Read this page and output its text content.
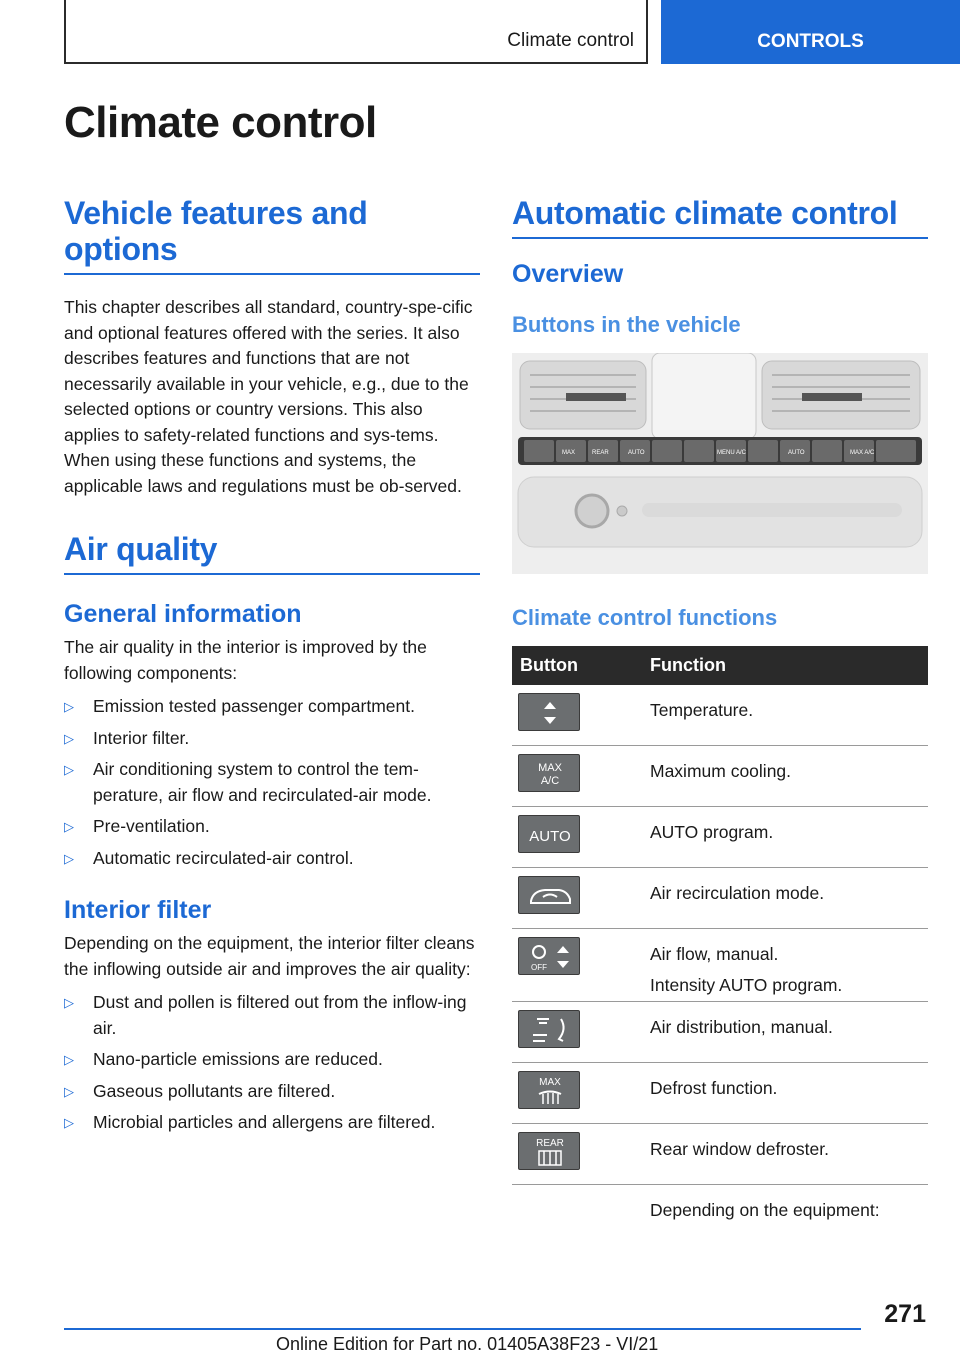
Climate control	CONTROLS
Climate control
Vehicle features and options

This chapter describes all standard, country-spe-cific and optional features offered with the series. It also describes features and functions that are not necessarily available in your vehicle, e.g., due to the selected options or country versions. This also applies to safety-related functions and sys-tems. When using these functions and systems, the applicable laws and regulations must be ob-served.

Air quality
General information

The air quality in the interior is improved by the following components:

▷ Emission tested passenger compartment.
▷ Interior filter.
▷ Air conditioning system to control the tem-perature, air flow and recirculated-air mode.
▷ Pre-ventilation.
▷ Automatic recirculated-air control.
Interior filter

Depending on the equipment, the interior filter cleans the inflowing outside air and improves the air quality:

▷ Dust and pollen is filtered out from the inflow-ing air.
▷ Nano-particle emissions are reduced.
▷ Gaseous pollutants are filtered.
▷ Microbial particles and allergens are filtered.
Automatic climate control
Overview
Buttons in the vehicle
MAX	REAR	AUTO	MENU A/C	AUTO	MAX A/C
Climate control functions
Button	Function

	Temperature.

MAX
A/C	Maximum cooling.

AUTO	AUTO program.

	Air recirculation mode.

OFF	Air flow, manual.
Intensity AUTO program.

	Air distribution, manual.

MAX	Defrost function.

REAR	Rear window defroster.
	Depending on the equipment:
271
Online Edition for Part no. 01405A38F23 - VI/21
